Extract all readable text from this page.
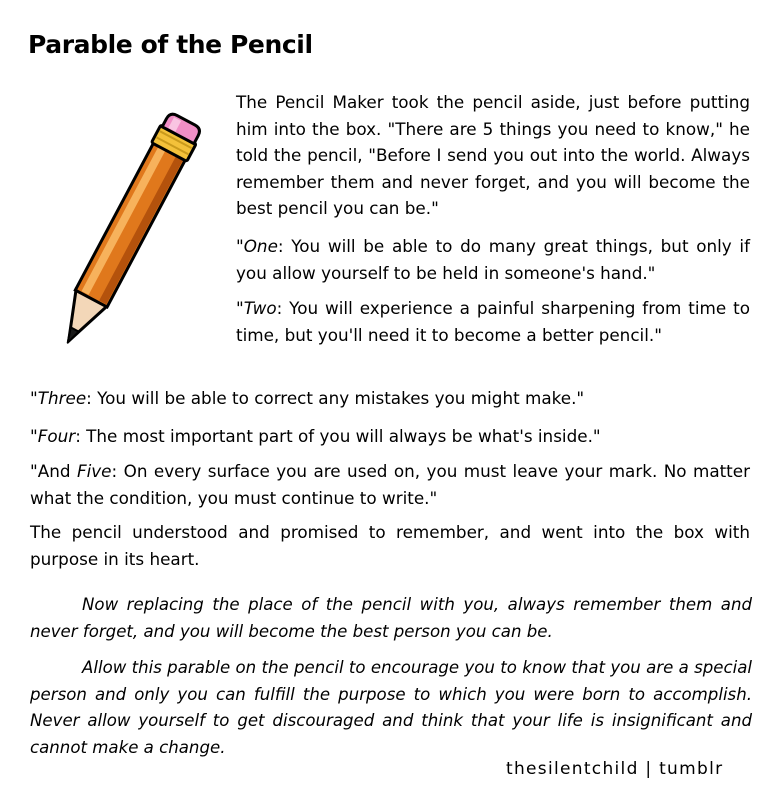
Parable of the Pencil

The Pencil Maker took the pencil aside, just before putting him into the box. "There are 5 things you need to know," he told the pencil, "Before I send you out into the world. Always remember them and never forget, and you will become the best pencil you can be."

"One: You will be able to do many great things, but only if you allow yourself to be held in someone's hand."

"Two: You will experience a painful sharpening from time to time, but you'll need it to become a better pencil."

"Three: You will be able to correct any mistakes you might make."

"Four: The most important part of you will always be what's inside."

"And Five: On every surface you are used on, you must leave your mark. No matter what the condition, you must continue to write."

The pencil understood and promised to remember, and went into the box with purpose in its heart.

Now replacing the place of the pencil with you, always remember them and never forget, and you will become the best person you can be.

Allow this parable on the pencil to encourage you to know that you are a special person and only you can fulfill the purpose to which you were born to accomplish. Never allow yourself to get discouraged and think that your life is insignificant and cannot make a change.

thesilentchild | tumblr
